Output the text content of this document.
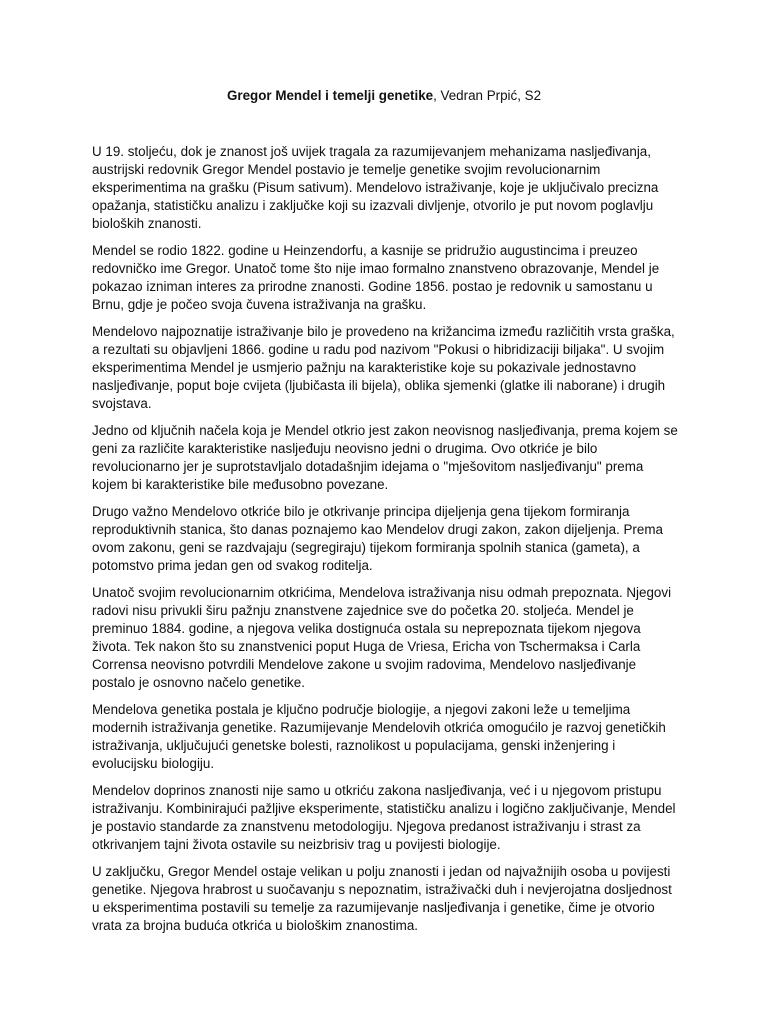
Gregor Mendel i temelji genetike, Vedran Prpić, S2

U 19. stoljeću, dok je znanost još uvijek tragala za razumijevanjem mehanizama nasljeđivanja, austrijski redovnik Gregor Mendel postavio je temelje genetike svojim revolucionarnim eksperimentima na grašku (Pisum sativum). Mendelovo istraživanje, koje je uključivalo precizna opažanja, statističku analizu i zaključke koji su izazvali divljenje, otvorilo je put novom poglavlju bioloških znanosti.

Mendel se rodio 1822. godine u Heinzendorfu, a kasnije se pridružio augustincima i preuzeo redovničko ime Gregor. Unatoč tome što nije imao formalno znanstveno obrazovanje, Mendel je pokazao izniman interes za prirodne znanosti. Godine 1856. postao je redovnik u samostanu u Brnu, gdje je počeo svoja čuvena istraživanja na grašku.

Mendelovo najpoznatije istraživanje bilo je provedeno na križancima između različitih vrsta graška, a rezultati su objavljeni 1866. godine u radu pod nazivom "Pokusi o hibridizaciji biljaka". U svojim eksperimentima Mendel je usmjerio pažnju na karakteristike koje su pokazivale jednostavno nasljeđivanje, poput boje cvijeta (ljubičasta ili bijela), oblika sjemenki (glatke ili naborane) i drugih svojstava.

Jedno od ključnih načela koja je Mendel otkrio jest zakon neovisnog nasljeđivanja, prema kojem se geni za različite karakteristike nasljeđuju neovisno jedni o drugima. Ovo otkriće je bilo revolucionarno jer je suprotstavljalo dotadašnjim idejama o "mješovitom nasljeđivanju" prema kojem bi karakteristike bile međusobno povezane.

Drugo važno Mendelovo otkriće bilo je otkrivanje principa dijeljenja gena tijekom formiranja reproduktivnih stanica, što danas poznajemo kao Mendelov drugi zakon, zakon dijeljenja. Prema ovom zakonu, geni se razdvajaju (segregiraju) tijekom formiranja spolnih stanica (gameta), a potomstvo prima jedan gen od svakog roditelja.

Unatoč svojim revolucionarnim otkrićima, Mendelova istraživanja nisu odmah prepoznata. Njegovi radovi nisu privukli širu pažnju znanstvene zajednice sve do početka 20. stoljeća. Mendel je preminuo 1884. godine, a njegova velika dostignuća ostala su neprepoznata tijekom njegova života. Tek nakon što su znanstvenici poput Huga de Vriesa, Ericha von Tschermaksa i Carla Corrensa neovisno potvrdili Mendelove zakone u svojim radovima, Mendelovo nasljeđivanje postalo je osnovno načelo genetike.

Mendelova genetika postala je ključno područje biologije, a njegovi zakoni leže u temeljima modernih istraživanja genetike. Razumijevanje Mendelovih otkrića omogućilo je razvoj genetičkih istraživanja, uključujući genetske bolesti, raznolikost u populacijama, genski inženjering i evolucijsku biologiju.

Mendelov doprinos znanosti nije samo u otkriću zakona nasljeđivanja, već i u njegovom pristupu istraživanju. Kombinirajući pažljive eksperimente, statističku analizu i logično zaključivanje, Mendel je postavio standarde za znanstvenu metodologiju. Njegova predanost istraživanju i strast za otkrivanjem tajni života ostavile su neizbrisiv trag u povijesti biologije.

U zaključku, Gregor Mendel ostaje velikan u polju znanosti i jedan od najvažnijih osoba u povijesti genetike. Njegova hrabrost u suočavanju s nepoznatim, istraživački duh i nevjerojatna dosljednost u eksperimentima postavili su temelje za razumijevanje nasljeđivanja i genetike, čime je otvorio vrata za brojna buduća otkrića u biološkim znanostima.
